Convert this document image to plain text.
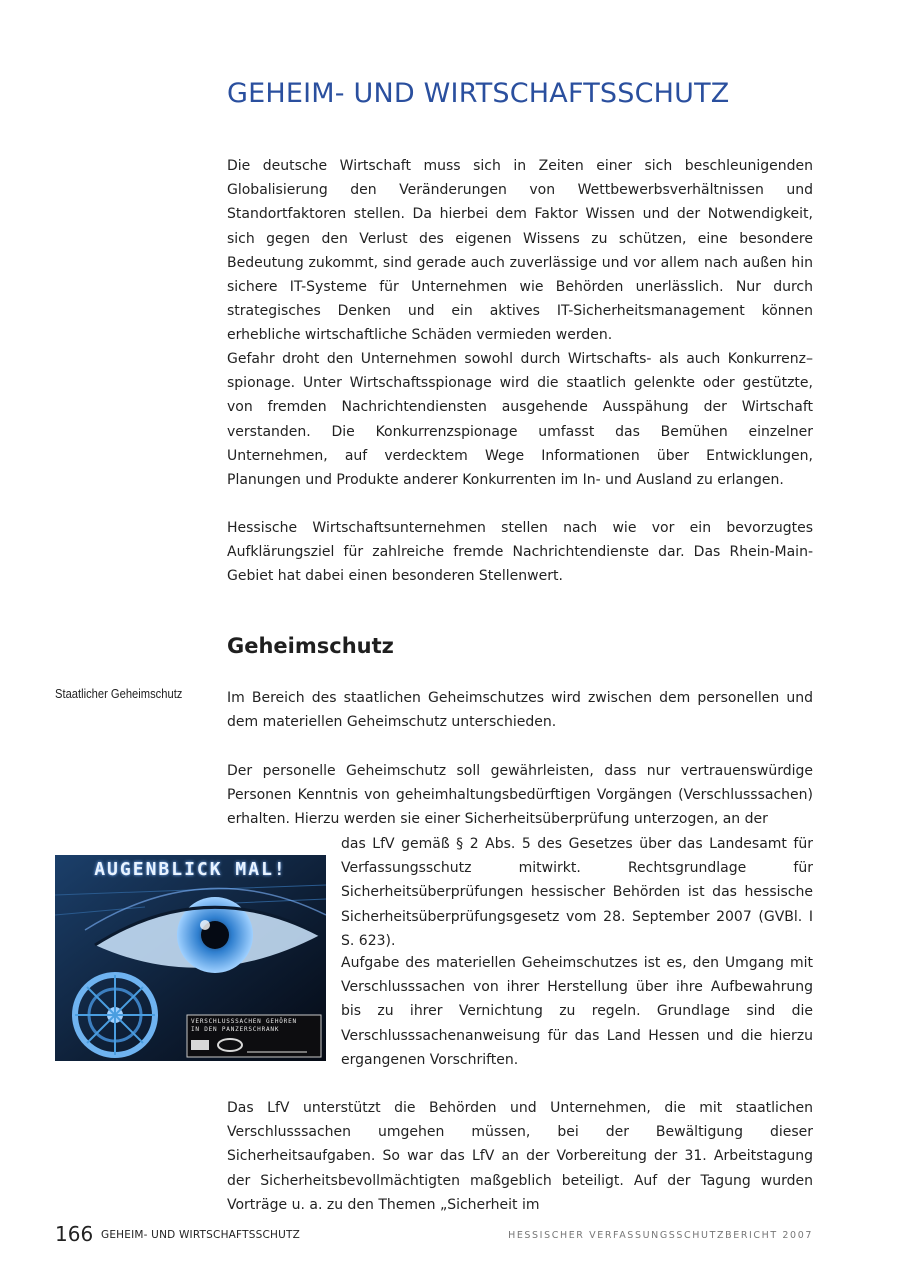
GEHEIM- UND WIRTSCHAFTSSCHUTZ

Die deutsche Wirtschaft muss sich in Zeiten einer sich beschleunigenden Globalisierung den Veränderungen von Wettbewerbsverhältnissen und Standortfaktoren stellen. Da hierbei dem Faktor Wissen und der Notwendigkeit, sich gegen den Verlust des eigenen Wissens zu schützen, eine besondere Bedeutung zukommt, sind gerade auch zuverlässige und vor allem nach außen hin sichere IT-Systeme für Unternehmen wie Behörden unerlässlich. Nur durch strategisches Denken und ein aktives IT-Sicherheitsmanagement können erhebliche wirtschaftliche Schäden vermieden werden.

Gefahr droht den Unternehmen sowohl durch Wirtschafts- als auch Konkurrenz–spionage. Unter Wirtschaftsspionage wird die staatlich gelenkte oder gestützte, von fremden Nachrichtendiensten ausgehende Ausspähung der Wirtschaft verstanden. Die Konkurrenzspionage umfasst das Bemühen einzelner Unternehmen, auf verdecktem Wege Informationen über Entwicklungen, Planungen und Produkte anderer Konkurrenten im In- und Ausland zu erlangen.

Hessische Wirtschaftsunternehmen stellen nach wie vor ein bevorzugtes Aufklärungsziel für zahlreiche fremde Nachrichtendienste dar. Das Rhein-Main-Gebiet hat dabei einen besonderen Stellenwert.

Geheimschutz
Staatlicher Geheimschutz	Im Bereich des staatlichen Geheimschutzes wird zwischen dem personellen und dem materiellen Geheimschutz unterschieden.

Der personelle Geheimschutz soll gewährleisten, dass nur vertrauenswürdige Personen Kenntnis von geheimhaltungsbedürftigen Vorgängen (Verschlusssachen) erhalten. Hierzu werden sie einer Sicherheitsüberprüfung unterzogen, an der

das LfV gemäß § 2 Abs. 5 des Gesetzes über das Landesamt für Verfassungsschutz mitwirkt. Rechtsgrundlage für Sicherheitsüberprüfungen hessischer Behörden ist das hessische Sicherheitsüberprüfungsgesetz vom 28. September 2007 (GVBl. I S. 623).

Aufgabe des materiellen Geheimschutzes ist es, den Umgang mit Verschlusssachen von ihrer Herstellung über ihre Aufbewahrung bis zu ihrer Vernichtung zu regeln. Grundlage sind die Verschlusssachenanweisung für das Land Hessen und die hierzu ergangenen Vorschriften.

Das LfV unterstützt die Behörden und Unternehmen, die mit staatlichen Verschlusssachen umgehen müssen, bei der Bewältigung dieser Sicherheitsaufgaben. So war das LfV an der Vorbereitung der 31. Arbeitstagung der Sicherheitsbevollmächtigten maßgeblich beteiligt. Auf der Tagung wurden Vorträge u. a. zu den Themen „Sicherheit im

AUGENBLICK MAL!
VERSCHLUSSSACHEN GEHÖREN
IN DEN PANZERSCHRANK
166 GEHEIM- UND WIRTSCHAFTSSCHUTZ	HESSISCHER VERFASSUNGSSCHUTZBERICHT 2007
